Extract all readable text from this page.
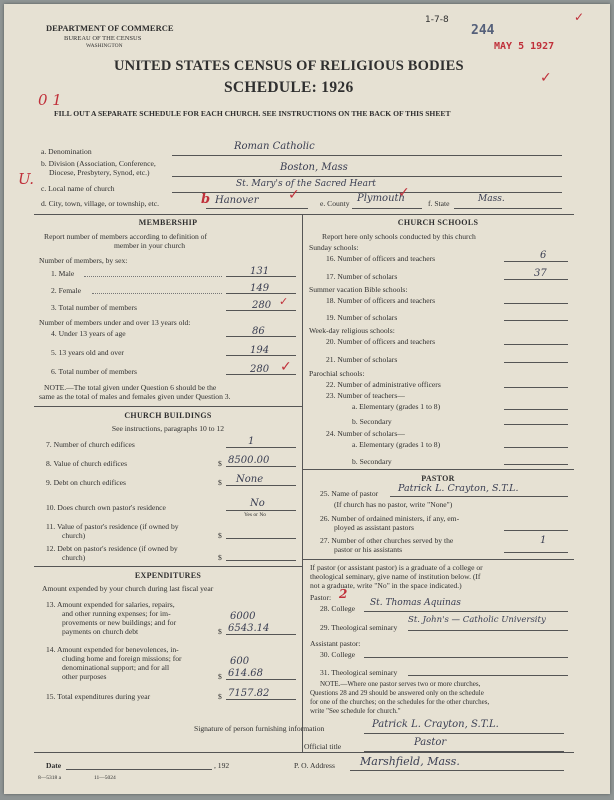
DEPARTMENT OF COMMERCE
BUREAU OF THE CENSUS
WASHINGTON
1-7-8
244
MAY 5 1927
UNITED STATES CENSUS OF RELIGIOUS BODIES
SCHEDULE: 1926
FILL OUT A SEPARATE SCHEDULE FOR EACH CHURCH. SEE INSTRUCTIONS ON THE BACK OF THIS SHEET
0 1
✓
✓
a. Denomination	Roman Catholic
b. Division (Association, Conference,
Diocese, Presbytery, Synod, etc.)	Boston, Mass
c. Local name of church	St. Mary's of the Sacred Heart
U.
d. City, town, village, or township, etc.	b Hanover ✓
e. County Plymouth
✓
f. State	Mass.
MEMBERSHIP
Report number of members according to definition of
member in your church
Number of members, by sex:
1. Male	131
2. Female	149
3. Total number of members	280 ✓
Number of members under and over 13 years old:
4. Under 13 years of age	86
5. 13 years old and over	194
6. Total number of members	280 ✓
NOTE.—The total given under Question 6 should be the
same as the total of males and females given under Question 3.
CHURCH BUILDINGS
See instructions, paragraphs 10 to 12
7. Number of church edifices	1
8. Value of church edifices	$ 8500.00
9. Debt on church edifices	$ None
10. Does church own pastor's residence	No
Yes or No
11. Value of pastor's residence (if owned by
church)	$
12. Debt on pastor's residence (if owned by
church)	$
EXPENDITURES
Amount expended by your church during last fiscal year
13. Amount expended for salaries, repairs,
and other running expenses; for im-
provements or new buildings; and for
payments on church debt
6000
$ 6543.14
14. Amount expended for benevolences, in-
cluding home and foreign missions; for
denominational support; and for all
other purposes
600
$ 614.68
15. Total expenditures during year	$ 7157.82
CHURCH SCHOOLS
Report here only schools conducted by this church
Sunday schools:
16. Number of officers and teachers	6
17. Number of scholars	37
Summer vacation Bible schools:
18. Number of officers and teachers
19. Number of scholars
Week-day religious schools:
20. Number of officers and teachers
21. Number of scholars
Parochial schools:
22. Number of administrative officers
23. Number of teachers—
a. Elementary (grades 1 to 8)
b. Secondary
24. Number of scholars—
a. Elementary (grades 1 to 8)
b. Secondary
PASTOR
25. Name of pastor Patrick L. Crayton, S.T.L.
(If church has no pastor, write "None")
26. Number of ordained ministers, if any, em-
ployed as assistant pastors
27. Number of other churches served by the
pastor or his assistants
1
If pastor (or assistant pastor) is a graduate of a college or
theological seminary, give name of institution below. (If
not a graduate, write "No" in the space indicated.)
Pastor: 2
28. College
St. Thomas Aquinas
29. Theological seminary
St. John's — Catholic University
Assistant pastor:
30. College
31. Theological seminary
NOTE.—Where one pastor serves two or more churches,
Questions 28 and 29 should be answered only on the schedule
for one of the churches; on the schedules for the other churches,
write "See schedule for church."
Signature of person furnishing information	Patrick L. Crayton, S.T.L.
Official title	Pastor
Date	, 192	P. O. Address Marshfield, Mass.
8—5318 a	11—5024
